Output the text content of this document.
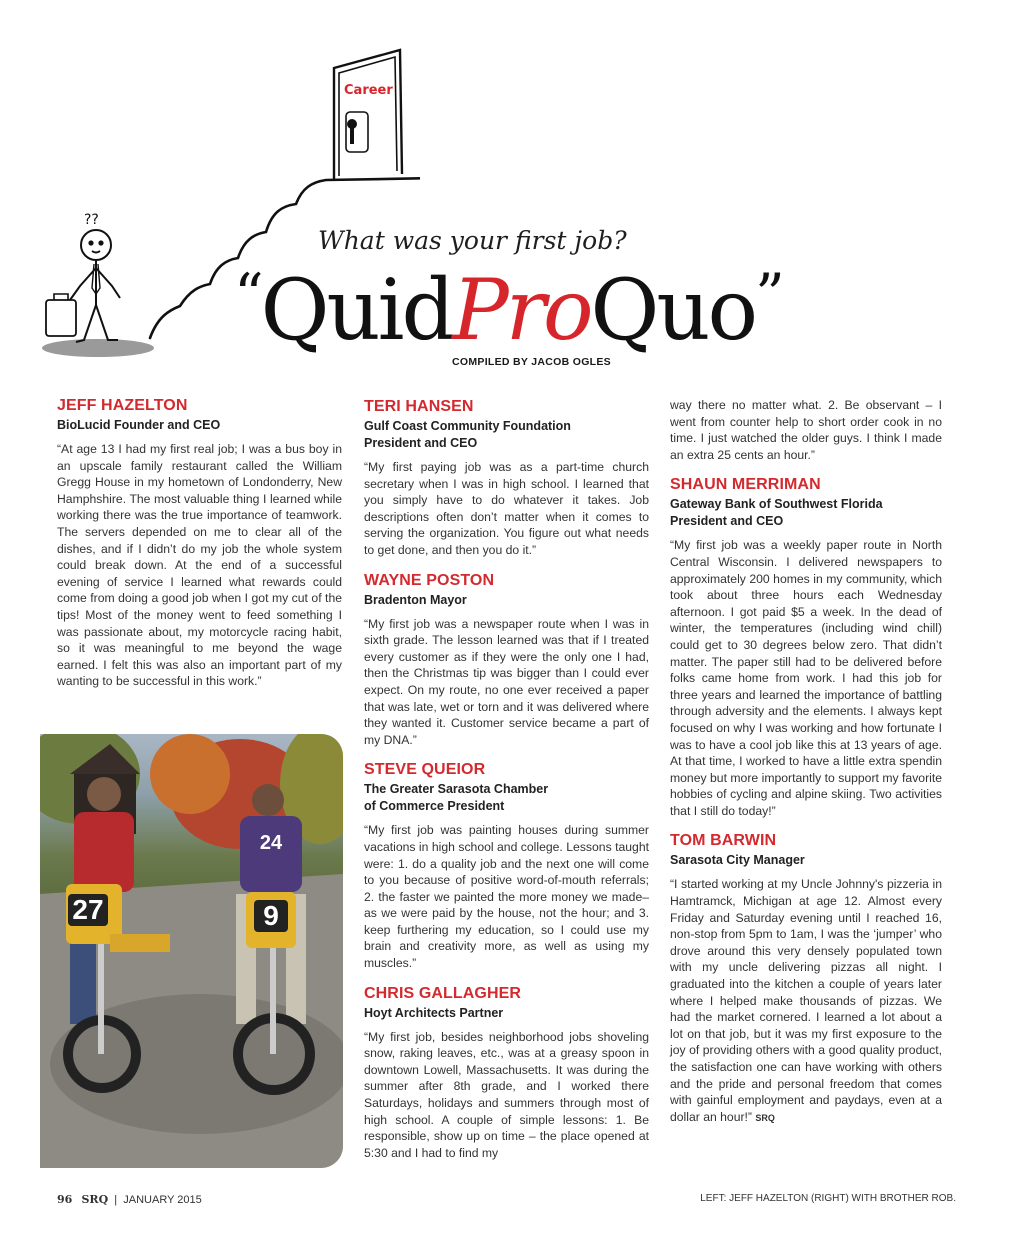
??
Career
What was your first job?
“QuidProQuo”
COMPILED BY JACOB OGLES
JEFF HAZELTON
BioLucid Founder and CEO

“At age 13 I had my first real job; I was a bus boy in an upscale family restaurant called the William Gregg House in my hometown of Londonderry, New Hamphshire. The most valuable thing I learned while working there was the true importance of teamwork. The servers depended on me to clear all of the dishes, and if I didn’t do my job the whole system could break down. At the end of a successful evening of service I learned what rewards could come from doing a good job when I got my cut of the tips! Most of the money went to feed something I was passionate about, my motorcycle racing habit, so it was meaningful to me beyond the wage earned. I felt this was also an important part of my wanting to be successful in this work.”

27	9
24
TERI HANSEN
Gulf Coast Community Foundation
President and CEO

“My first paying job was as a part-time church secretary when I was in high school. I learned that you simply have to do whatever it takes. Job descriptions often don’t matter when it comes to serving the organization. You figure out what needs to get done, and then you do it.”

WAYNE POSTON
Bradenton Mayor

“My first job was a newspaper route when I was in sixth grade. The lesson learned was that if I treated every customer as if they were the only one I had, then the Christmas tip was bigger than I could ever expect. On my route, no one ever received a paper that was late, wet or torn and it was delivered where they wanted it. Customer service became a part of my DNA.”

STEVE QUEIOR
The Greater Sarasota Chamber
of Commerce President

“My first job was painting houses during summer vacations in high school and college. Lessons taught were: 1. do a quality job and the next one will come to you because of positive word-of-mouth referrals; 2. the faster we painted the more money we made–as we were paid by the house, not the hour; and 3. keep furthering my education, so I could use my brain and creativity more, as well as using my muscles.”

CHRIS GALLAGHER
Hoyt Architects Partner

“My first job, besides neighborhood jobs shoveling snow, raking leaves, etc., was at a greasy spoon in downtown Lowell, Massachusetts. It was during the summer after 8th grade, and I worked there Saturdays, holidays and summers through most of high school. A couple of simple lessons: 1. Be responsible, show up on time – the place opened at 5:30 and I had to find my

way there no matter what. 2. Be observant – I went from counter help to short order cook in no time. I just watched the older guys. I think I made an extra 25 cents an hour.”

SHAUN MERRIMAN
Gateway Bank of Southwest Florida
President and CEO

“My first job was a weekly paper route in North Central Wisconsin. I delivered newspapers to approximately 200 homes in my community, which took about three hours each Wednesday afternoon. I got paid $5 a week. In the dead of winter, the temperatures (including wind chill) could get to 30 degrees below zero. That didn’t matter. The paper still had to be delivered before folks came home from work. I had this job for three years and learned the importance of battling through adversity and the elements. I always kept focused on why I was working and how fortunate I was to have a cool job like this at 13 years of age. At that time, I worked to have a little extra spendin money but more importantly to support my favorite hobbies of cycling and alpine skiing. Two activities that I still do today!”

TOM BARWIN
Sarasota City Manager

“I started working at my Uncle Johnny's pizzeria in Hamtramck, Michigan at age 12. Almost every Friday and Saturday evening until I reached 16, non-stop from 5pm to 1am, I was the ‘jumper’ who drove around this very densely populated town with my uncle delivering pizzas all night. I graduated into the kitchen a couple of years later where I helped make thousands of pizzas. We had the market cornered. I learned a lot about a lot on that job, but it was my first exposure to the joy of providing others with a good quality product, the satisfaction one can have working with others and the pride and personal freedom that comes with gainful employment and paydays, even at a dollar an hour!” SRQ

96 SRQ | JANUARY 2015	LEFT: JEFF HAZELTON (RIGHT) WITH BROTHER ROB.
